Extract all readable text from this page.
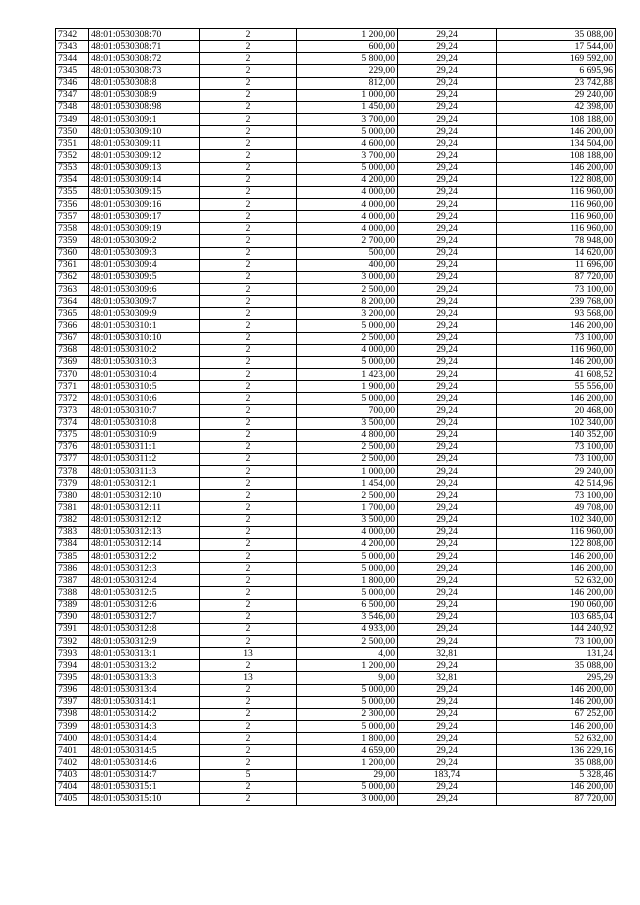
7342	48:01:0530308:70	2	1 200,00	29,24	35 088,00
7343	48:01:0530308:71	2	600,00	29,24	17 544,00
7344	48:01:0530308:72	2	5 800,00	29,24	169 592,00
7345	48:01:0530308:73	2	229,00	29,24	6 695,96
7346	48:01:0530308:8	2	812,00	29,24	23 742,88
7347	48:01:0530308:9	2	1 000,00	29,24	29 240,00
7348	48:01:0530308:98	2	1 450,00	29,24	42 398,00
7349	48:01:0530309:1	2	3 700,00	29,24	108 188,00
7350	48:01:0530309:10	2	5 000,00	29,24	146 200,00
7351	48:01:0530309:11	2	4 600,00	29,24	134 504,00
7352	48:01:0530309:12	2	3 700,00	29,24	108 188,00
7353	48:01:0530309:13	2	5 000,00	29,24	146 200,00
7354	48:01:0530309:14	2	4 200,00	29,24	122 808,00
7355	48:01:0530309:15	2	4 000,00	29,24	116 960,00
7356	48:01:0530309:16	2	4 000,00	29,24	116 960,00
7357	48:01:0530309:17	2	4 000,00	29,24	116 960,00
7358	48:01:0530309:19	2	4 000,00	29,24	116 960,00
7359	48:01:0530309:2	2	2 700,00	29,24	78 948,00
7360	48:01:0530309:3	2	500,00	29,24	14 620,00
7361	48:01:0530309:4	2	400,00	29,24	11 696,00
7362	48:01:0530309:5	2	3 000,00	29,24	87 720,00
7363	48:01:0530309:6	2	2 500,00	29,24	73 100,00
7364	48:01:0530309:7	2	8 200,00	29,24	239 768,00
7365	48:01:0530309:9	2	3 200,00	29,24	93 568,00
7366	48:01:0530310:1	2	5 000,00	29,24	146 200,00
7367	48:01:0530310:10	2	2 500,00	29,24	73 100,00
7368	48:01:0530310:2	2	4 000,00	29,24	116 960,00
7369	48:01:0530310:3	2	5 000,00	29,24	146 200,00
7370	48:01:0530310:4	2	1 423,00	29,24	41 608,52
7371	48:01:0530310:5	2	1 900,00	29,24	55 556,00
7372	48:01:0530310:6	2	5 000,00	29,24	146 200,00
7373	48:01:0530310:7	2	700,00	29,24	20 468,00
7374	48:01:0530310:8	2	3 500,00	29,24	102 340,00
7375	48:01:0530310:9	2	4 800,00	29,24	140 352,00
7376	48:01:0530311:1	2	2 500,00	29,24	73 100,00
7377	48:01:0530311:2	2	2 500,00	29,24	73 100,00
7378	48:01:0530311:3	2	1 000,00	29,24	29 240,00
7379	48:01:0530312:1	2	1 454,00	29,24	42 514,96
7380	48:01:0530312:10	2	2 500,00	29,24	73 100,00
7381	48:01:0530312:11	2	1 700,00	29,24	49 708,00
7382	48:01:0530312:12	2	3 500,00	29,24	102 340,00
7383	48:01:0530312:13	2	4 000,00	29,24	116 960,00
7384	48:01:0530312:14	2	4 200,00	29,24	122 808,00
7385	48:01:0530312:2	2	5 000,00	29,24	146 200,00
7386	48:01:0530312:3	2	5 000,00	29,24	146 200,00
7387	48:01:0530312:4	2	1 800,00	29,24	52 632,00
7388	48:01:0530312:5	2	5 000,00	29,24	146 200,00
7389	48:01:0530312:6	2	6 500,00	29,24	190 060,00
7390	48:01:0530312:7	2	3 546,00	29,24	103 685,04
7391	48:01:0530312:8	2	4 933,00	29,24	144 240,92
7392	48:01:0530312:9	2	2 500,00	29,24	73 100,00
7393	48:01:0530313:1	13	4,00	32,81	131,24
7394	48:01:0530313:2	2	1 200,00	29,24	35 088,00
7395	48:01:0530313:3	13	9,00	32,81	295,29
7396	48:01:0530313:4	2	5 000,00	29,24	146 200,00
7397	48:01:0530314:1	2	5 000,00	29,24	146 200,00
7398	48:01:0530314:2	2	2 300,00	29,24	67 252,00
7399	48:01:0530314:3	2	5 000,00	29,24	146 200,00
7400	48:01:0530314:4	2	1 800,00	29,24	52 632,00
7401	48:01:0530314:5	2	4 659,00	29,24	136 229,16
7402	48:01:0530314:6	2	1 200,00	29,24	35 088,00
7403	48:01:0530314:7	5	29,00	183,74	5 328,46
7404	48:01:0530315:1	2	5 000,00	29,24	146 200,00
7405	48:01:0530315:10	2	3 000,00	29,24	87 720,00
